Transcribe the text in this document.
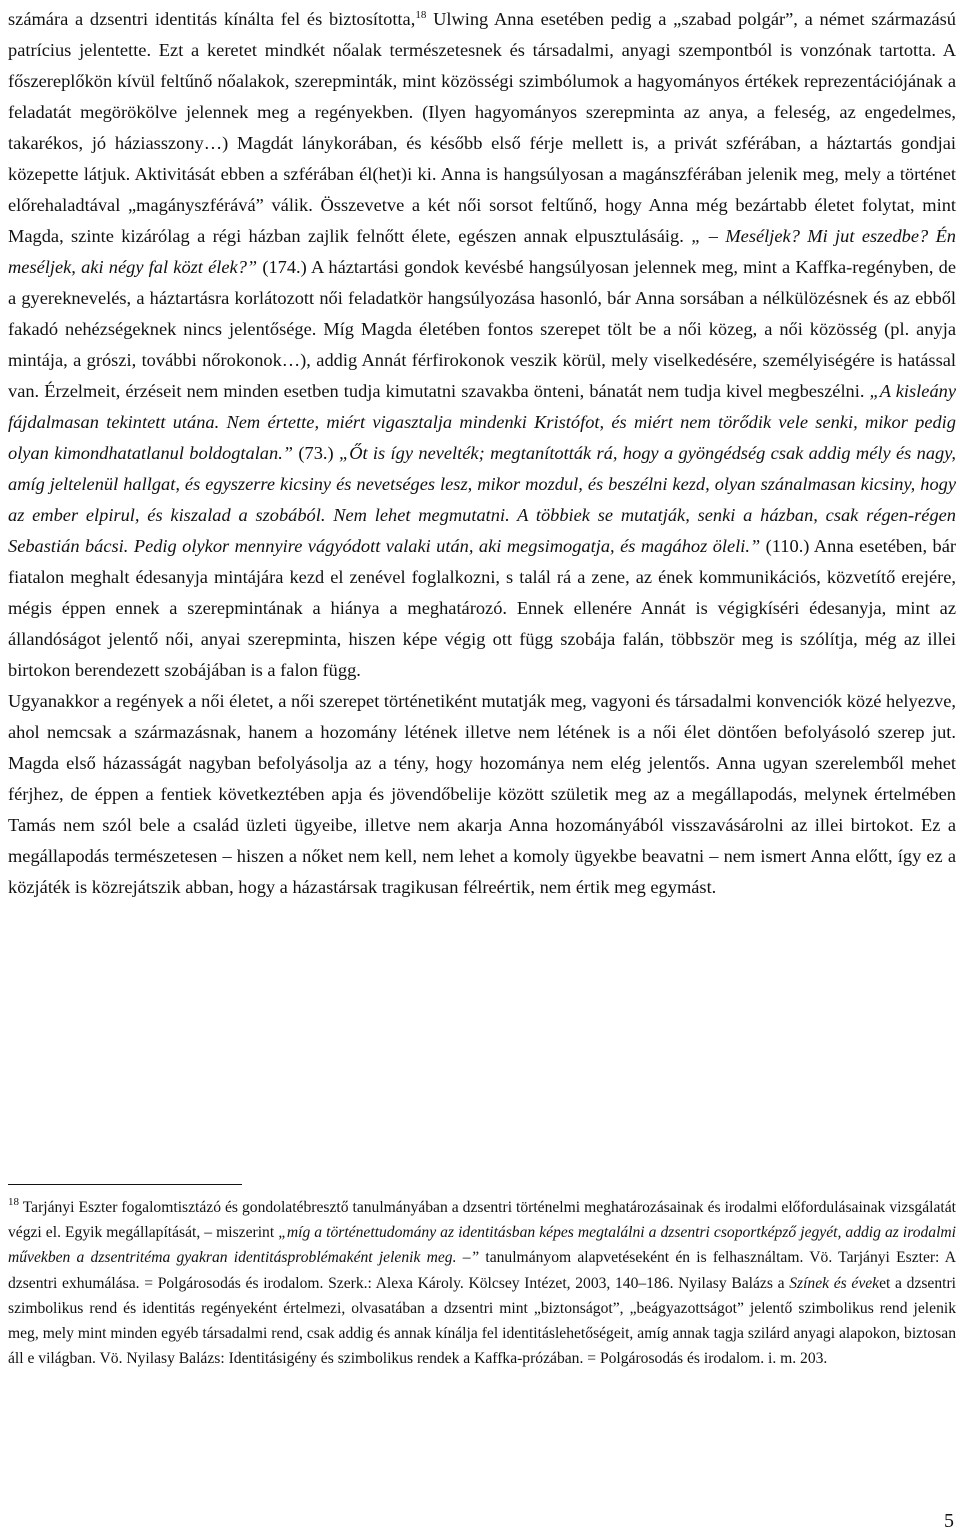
számára a dzsentri identitás kínálta fel és biztosította,$^{18}$ Ulwing Anna esetében pedig a „szabad polgár”, a német származású patrícius jelentette. Ezt a keretet mindkét nőalak természetesnek és társadalmi, anyagi szempontból is vonzónak tartotta. A főszereplőkön kívül feltűnő nőalakok, szerepminták, mint közösségi szimbólumok a hagyományos értékek reprezentációjának a feladatát megörökölve jelennek meg a regényekben. (Ilyen hagyományos szerepminta az anya, a feleség, az engedelmes, takarékos, jó háziasszony…) Magdát lánykorában, és később első férje mellett is, a privát szférában, a háztartás gondjai közepette látjuk. Aktivitását ebben a szférában él(het)i ki. Anna is hangsúlyosan a magánszférában jelenik meg, mely a történet előrehaladtával „magányszférává” válik. Összevetve a két női sorsot feltűnő, hogy Anna még bezártabb életet folytat, mint Magda, szinte kizárólag a régi házban zajlik felnőtt élete, egészen annak elpusztulásáig. „ – Meséljek? Mi jut eszedbe? Én meséljek, aki négy fal közt élek?” (174.) A háztartási gondok kevésbé hangsúlyosan jelennek meg, mint a Kaffka-regényben, de a gyereknevelés, a háztartásra korlátozott női feladatkör hangsúlyozása hasonló, bár Anna sorsában a nélkülözésnek és az ebből fakadó nehézségeknek nincs jelentősége. Míg Magda életében fontos szerepet tölt be a női közeg, a női közösség (pl. anyja mintája, a grószi, további nőrokonok…), addig Annát férfirokonok veszik körül, mely viselkedésére, személyiségére is hatással van. Érzelmeit, érzéseit nem minden esetben tudja kimutatni szavakba önteni, bánatát nem tudja kivel megbeszélni. „A kisleány fájdalmasan tekintett utána. Nem értette, miért vigasztalja mindenki Kristófot, és miért nem törődik vele senki, mikor pedig olyan kimondhatatlanul boldogtalan.” (73.) „Őt is így nevelték; megtanították rá, hogy a gyöngédség csak addig mély és nagy, amíg jeltelenül hallgat, és egyszerre kicsiny és nevetséges lesz, mikor mozdul, és beszélni kezd, olyan szánalmasan kicsiny, hogy az ember elpirul, és kiszalad a szobából. Nem lehet megmutatni. A többiek se mutatják, senki a házban, csak régen-régen Sebastián bácsi. Pedig olykor mennyire vágyódott valaki után, aki megsimogatja, és magához öleli.” (110.) Anna esetében, bár fiatalon meghalt édesanyja mintájára kezd el zenével foglalkozni, s talál rá a zene, az ének kommunikációs, közvetítő erejére, mégis éppen ennek a szerepmintának a hiánya a meghatározó. Ennek ellenére Annát is végigkíséri édesanyja, mint az állandóságot jelentő női, anyai szerepminta, hiszen képe végig ott függ szobája falán, többször meg is szólítja, még az illei birtokon berendezett szobájában is a falon függ.

Ugyanakkor a regények a női életet, a női szerepet történetiként mutatják meg, vagyoni és társadalmi konvenciók közé helyezve, ahol nemcsak a származásnak, hanem a hozomány létének illetve nem létének is a női élet döntően befolyásoló szerep jut. Magda első házasságát nagyban befolyásolja az a tény, hogy hozománya nem elég jelentős. Anna ugyan szerelemből mehet férjhez, de éppen a fentiek következtében apja és jövendőbelije között születik meg az a megállapodás, melynek értelmében Tamás nem szól bele a család üzleti ügyeibe, illetve nem akarja Anna hozományából visszavásárolni az illei birtokot. Ez a megállapodás természetesen – hiszen a nőket nem kell, nem lehet a komoly ügyekbe beavatni – nem ismert Anna előtt, így ez a közjáték is közrejátszik abban, hogy a házastársak tragikusan félreértik, nem értik meg egymást.

$^{18}$ Tarjányi Eszter fogalomtisztázó és gondolatébresztő tanulmányában a dzsentri történelmi meghatározásainak és irodalmi előfordulásainak vizsgálatát végzi el. Egyik megállapítását, – miszerint „míg a történettudomány az identitásban képes megtalálni a dzsentri csoportképző jegyét, addig az irodalmi művekben a dzsentritéma gyakran identitásproblémaként jelenik meg. –” tanulmányom alapvetéseként én is felhasználtam. Vö. Tarjányi Eszter: A dzsentri exhumálása. = Polgárosodás és irodalom. Szerk.: Alexa Károly. Kölcsey Intézet, 2003, 140–186. Nyilasy Balázs a Színek és éveket a dzsentri szimbolikus rend és identitás regényeként értelmezi, olvasatában a dzsentri mint „biztonságot”, „beágyazottságot” jelentő szimbolikus rend jelenik meg, mely mint minden egyéb társadalmi rend, csak addig és annak kínálja fel identitáslehetőségeit, amíg annak tagja szilárd anyagi alapokon, biztosan áll e világban. Vö. Nyilasy Balázs: Identitásigény és szimbolikus rendek a Kaffka-prózában. = Polgárosodás és irodalom. i. m. 203.

5
